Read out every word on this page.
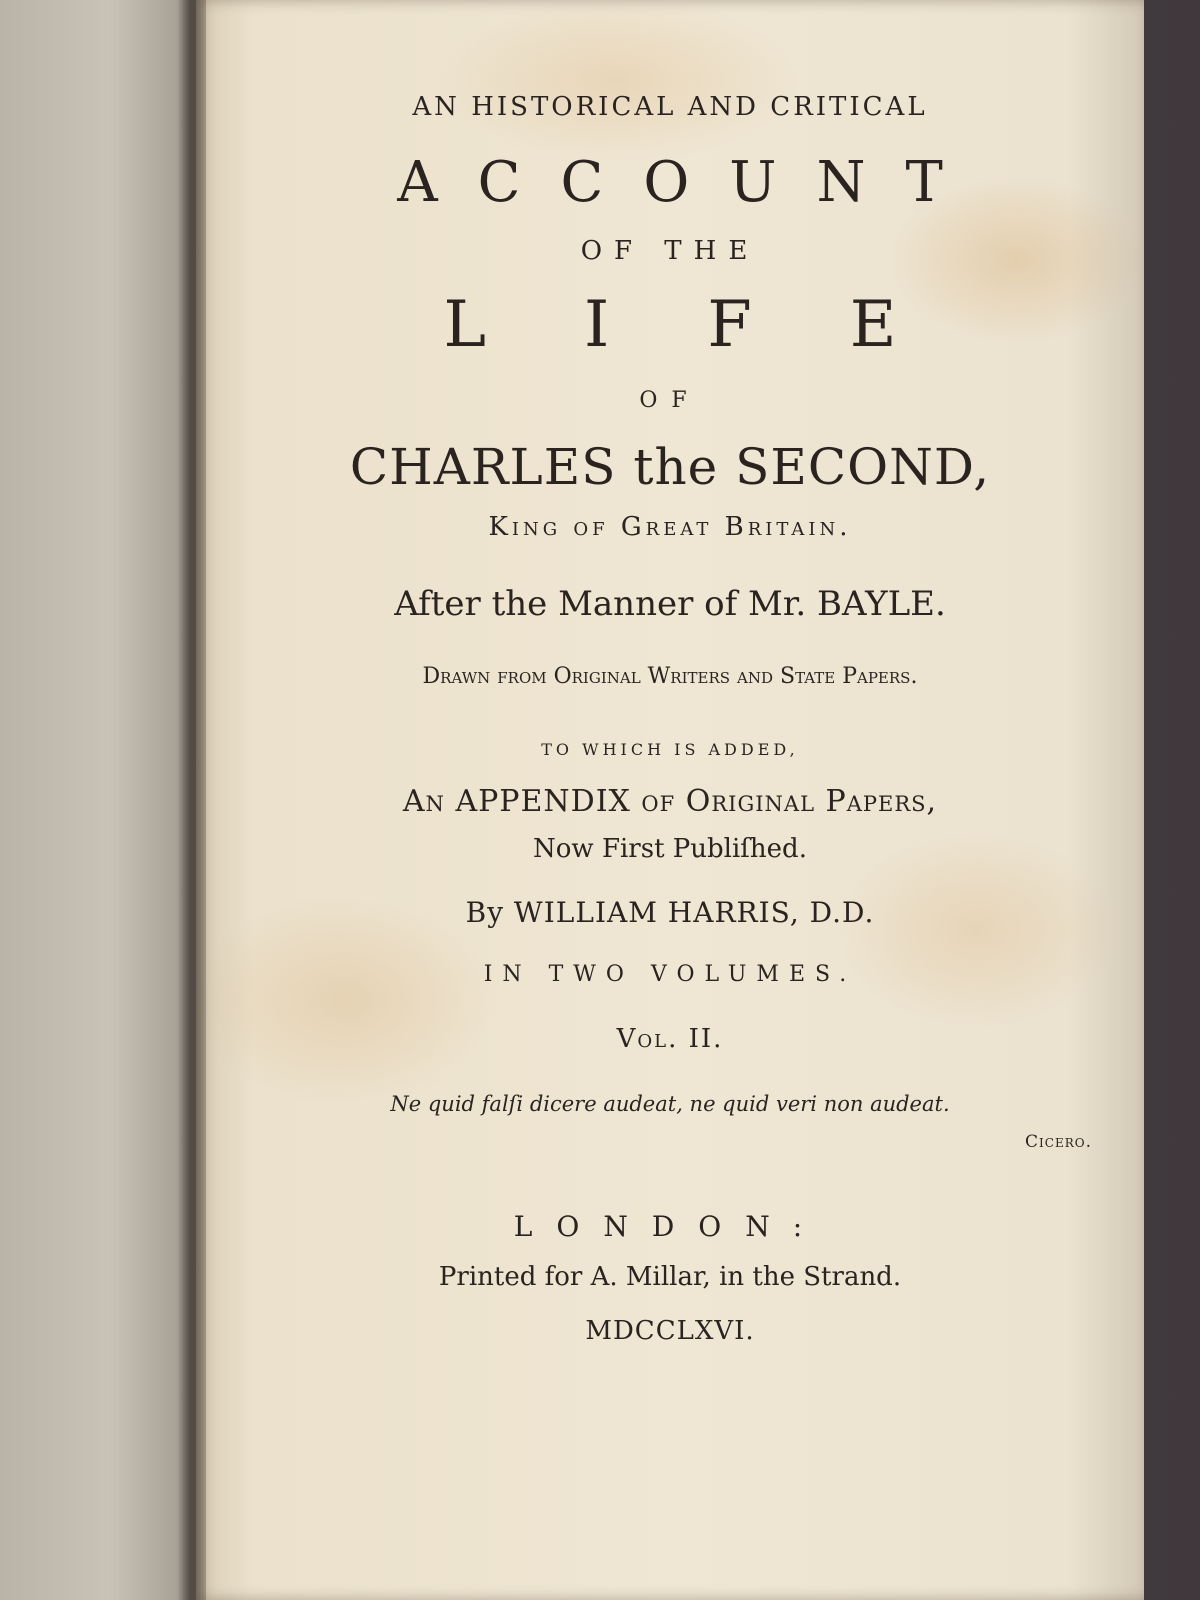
AN HISTORICAL AND CRITICAL

ACCOUNT

OF THE

LIFE

OF

CHARLES the SECOND,

King of Great Britain.

After the Manner of Mr. BAYLE.

Drawn from Original Writers and State Papers.

TO WHICH IS ADDED,

An APPENDIX of Original Papers,

Now First Publiſhed.

By WILLIAM HARRIS, D.D.

IN TWO VOLUMES.

Vol. II.

Ne quid falſi dicere audeat, ne quid veri non audeat.

Cicero.

LONDON:

Printed for A. Millar, in the Strand.

MDCCLXVI.
